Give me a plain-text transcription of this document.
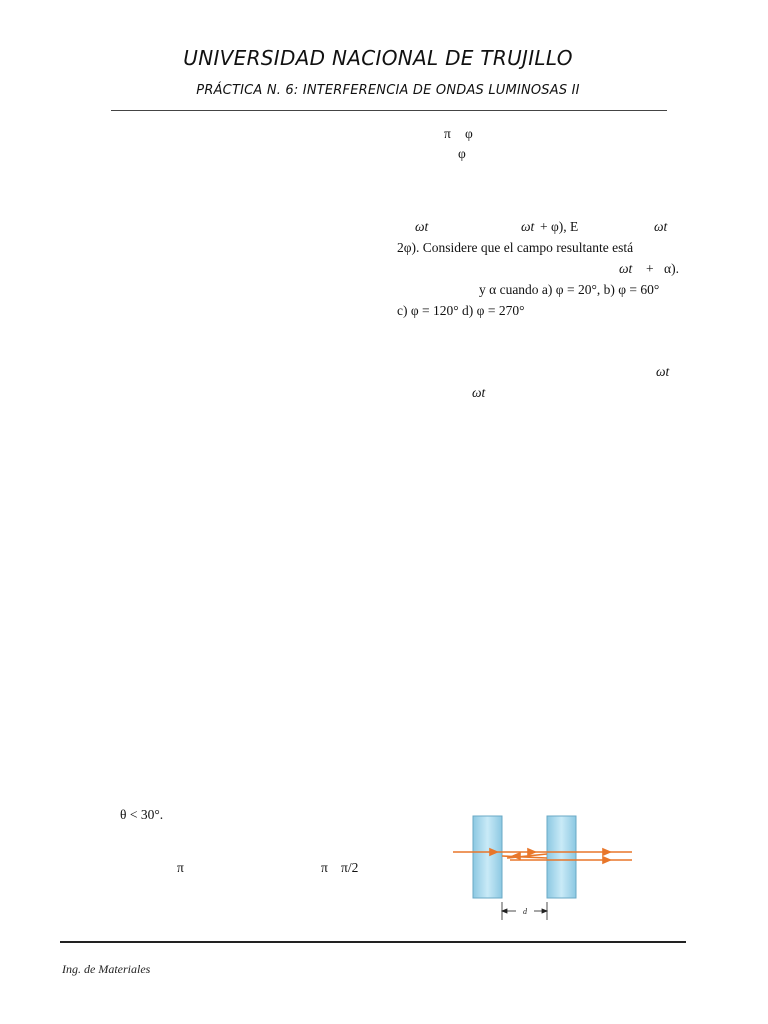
UNIVERSIDAD NACIONAL DE TRUJILLO
PRÁCTICA N. 6: INTERFERENCIA DE ONDAS LUMINOSAS II
π φ
φ
ωt	ωt + φ), E	ωt
2φ). Considere que el campo resultante está
ωt + α).
y α cuando a) φ = 20°, b) φ = 60°
c) φ = 120° d) φ = 270°
ωt
ωt
θ < 30°.
π	π π/2
d
Ing. de Materiales
